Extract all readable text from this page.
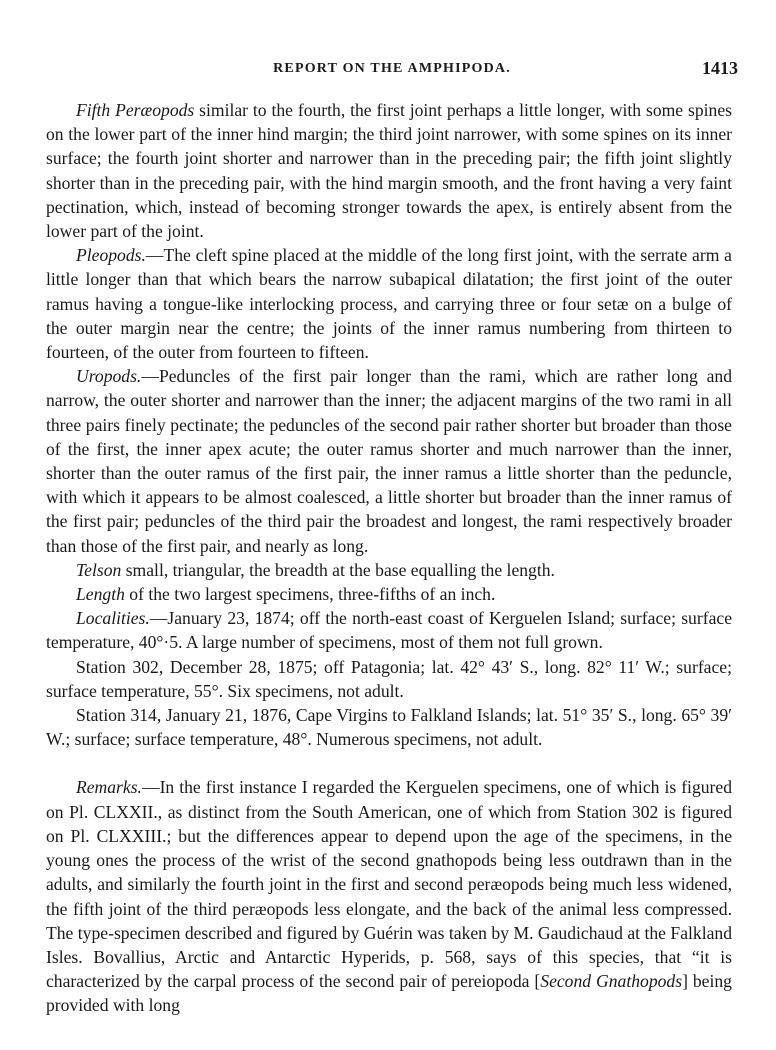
REPORT ON THE AMPHIPODA.	1413

Fifth Peræopods similar to the fourth, the first joint perhaps a little longer, with some spines on the lower part of the inner hind margin; the third joint narrower, with some spines on its inner surface; the fourth joint shorter and narrower than in the preceding pair; the fifth joint slightly shorter than in the preceding pair, with the hind margin smooth, and the front having a very faint pectination, which, instead of becoming stronger towards the apex, is entirely absent from the lower part of the joint.

Pleopods.—The cleft spine placed at the middle of the long first joint, with the serrate arm a little longer than that which bears the narrow subapical dilatation; the first joint of the outer ramus having a tongue-like interlocking process, and carrying three or four setæ on a bulge of the outer margin near the centre; the joints of the inner ramus numbering from thirteen to fourteen, of the outer from fourteen to fifteen.

Uropods.—Peduncles of the first pair longer than the rami, which are rather long and narrow, the outer shorter and narrower than the inner; the adjacent margins of the two rami in all three pairs finely pectinate; the peduncles of the second pair rather shorter but broader than those of the first, the inner apex acute; the outer ramus shorter and much narrower than the inner, shorter than the outer ramus of the first pair, the inner ramus a little shorter than the peduncle, with which it appears to be almost coalesced, a little shorter but broader than the inner ramus of the first pair; peduncles of the third pair the broadest and longest, the rami respectively broader than those of the first pair, and nearly as long.

Telson small, triangular, the breadth at the base equalling the length.

Length of the two largest specimens, three-fifths of an inch.

Localities.—January 23, 1874; off the north-east coast of Kerguelen Island; surface; surface temperature, 40°·5. A large number of specimens, most of them not full grown.

Station 302, December 28, 1875; off Patagonia; lat. 42° 43′ S., long. 82° 11′ W.; surface; surface temperature, 55°. Six specimens, not adult.

Station 314, January 21, 1876, Cape Virgins to Falkland Islands; lat. 51° 35′ S., long. 65° 39′ W.; surface; surface temperature, 48°. Numerous specimens, not adult.

Remarks.—In the first instance I regarded the Kerguelen specimens, one of which is figured on Pl. CLXXII., as distinct from the South American, one of which from Station 302 is figured on Pl. CLXXIII.; but the differences appear to depend upon the age of the specimens, in the young ones the process of the wrist of the second gnathopods being less outdrawn than in the adults, and similarly the fourth joint in the first and second peræopods being much less widened, the fifth joint of the third peræopods less elongate, and the back of the animal less compressed. The type-specimen described and figured by Guérin was taken by M. Gaudichaud at the Falkland Isles. Bovallius, Arctic and Antarctic Hyperids, p. 568, says of this species, that “it is characterized by the carpal process of the second pair of pereiopoda [Second Gnathopods] being provided with long
